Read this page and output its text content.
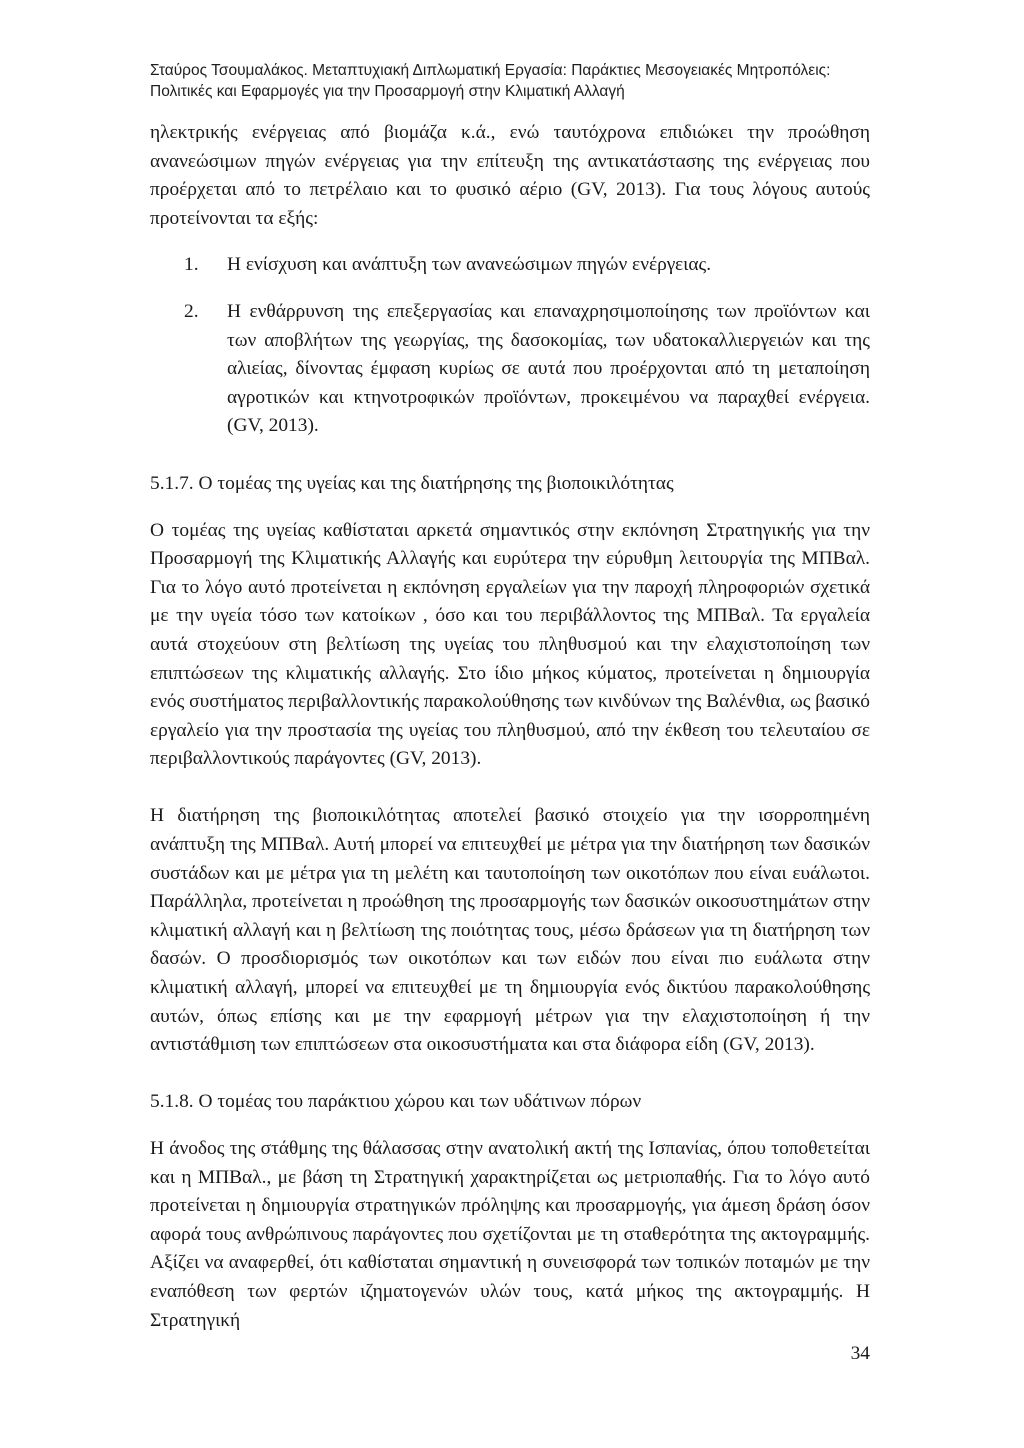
Σταύρος Τσουμαλάκος. Μεταπτυχιακή Διπλωματική Εργασία: Παράκτιες Μεσογειακές Μητροπόλεις:
Πολιτικές και Εφαρμογές για την Προσαρμογή στην Κλιματική Αλλαγή

ηλεκτρικής ενέργειας από βιομάζα κ.ά., ενώ ταυτόχρονα επιδιώκει την προώθηση ανανεώσιμων πηγών ενέργειας για την επίτευξη της αντικατάστασης της ενέργειας που προέρχεται από το πετρέλαιο και το φυσικό αέριο (GV, 2013). Για τους λόγους αυτούς προτείνονται τα εξής:

1.	Η ενίσχυση και ανάπτυξη των ανανεώσιμων πηγών ενέργειας.
2.	Η ενθάρρυνση της επεξεργασίας και επαναχρησιμοποίησης των προϊόντων και των αποβλήτων της γεωργίας, της δασοκομίας, των υδατοκαλλιεργειών και της αλιείας, δίνοντας έμφαση κυρίως σε αυτά που προέρχονται από τη μεταποίηση αγροτικών και κτηνοτροφικών προϊόντων, προκειμένου να παραχθεί ενέργεια. (GV, 2013).
5.1.7. Ο τομέας της υγείας και της διατήρησης της βιοποικιλότητας

Ο τομέας της υγείας καθίσταται αρκετά σημαντικός στην εκπόνηση Στρατηγικής για την Προσαρμογή της Κλιματικής Αλλαγής και ευρύτερα την εύρυθμη λειτουργία της ΜΠΒαλ. Για το λόγο αυτό προτείνεται η εκπόνηση εργαλείων για την παροχή πληροφοριών σχετικά με την υγεία τόσο των κατοίκων , όσο και του περιβάλλοντος της ΜΠΒαλ. Τα εργαλεία αυτά στοχεύουν στη βελτίωση της υγείας του πληθυσμού και την ελαχιστοποίηση των επιπτώσεων της κλιματικής αλλαγής. Στο ίδιο μήκος κύματος, προτείνεται η δημιουργία ενός συστήματος περιβαλλοντικής παρακολούθησης των κινδύνων της Βαλένθια, ως βασικό εργαλείο για την προστασία της υγείας του πληθυσμού, από την έκθεση του τελευταίου σε περιβαλλοντικούς παράγοντες (GV, 2013).

Η διατήρηση της βιοποικιλότητας αποτελεί βασικό στοιχείο για την ισορροπημένη ανάπτυξη της ΜΠΒαλ. Αυτή μπορεί να επιτευχθεί με μέτρα για την διατήρηση των δασικών συστάδων και με μέτρα για τη μελέτη και ταυτοποίηση των οικοτόπων που είναι ευάλωτοι. Παράλληλα, προτείνεται η προώθηση της προσαρμογής των δασικών οικοσυστημάτων στην κλιματική αλλαγή και η βελτίωση της ποιότητας τους, μέσω δράσεων για τη διατήρηση των δασών. Ο προσδιορισμός των οικοτόπων και των ειδών που είναι πιο ευάλωτα στην κλιματική αλλαγή, μπορεί να επιτευχθεί με τη δημιουργία ενός δικτύου παρακολούθησης αυτών, όπως επίσης και με την εφαρμογή μέτρων για την ελαχιστοποίηση ή την αντιστάθμιση των επιπτώσεων στα οικοσυστήματα και στα διάφορα είδη (GV, 2013).

5.1.8. Ο τομέας του παράκτιου χώρου και των υδάτινων πόρων

Η άνοδος της στάθμης της θάλασσας στην ανατολική ακτή της Ισπανίας, όπου τοποθετείται και η ΜΠΒαλ., με βάση τη Στρατηγική χαρακτηρίζεται ως μετριοπαθής. Για το λόγο αυτό προτείνεται η δημιουργία στρατηγικών πρόληψης και προσαρμογής, για άμεση δράση όσον αφορά τους ανθρώπινους παράγοντες που σχετίζονται με τη σταθερότητα της ακτογραμμής. Αξίζει να αναφερθεί, ότι καθίσταται σημαντική η συνεισφορά των τοπικών ποταμών με την εναπόθεση των φερτών ιζηματογενών υλών τους, κατά μήκος της ακτογραμμής. Η Στρατηγική

34
